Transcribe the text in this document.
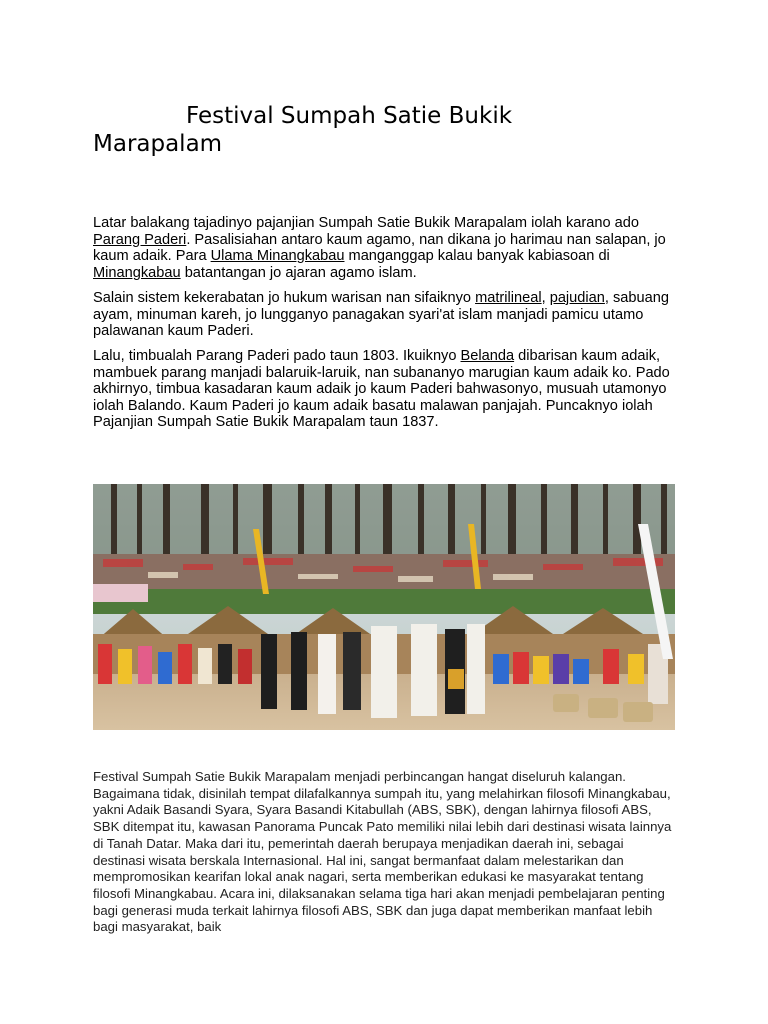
Festival Sumpah Satie Bukik
Marapalam

Latar balakang tajadinyo pajanjian Sumpah Satie Bukik Marapalam iolah karano ado Parang Paderi. Pasalisiahan antaro kaum agamo, nan dikana jo harimau nan salapan, jo kaum adaik. Para Ulama Minangkabau manganggap kalau banyak kabiasoan di Minangkabau batantangan jo ajaran agamo islam.

Salain sistem kekerabatan jo hukum warisan nan sifaiknyo matrilineal, pajudian, sabuang ayam, minuman kareh, jo lungganyo panagakan syari'at islam manjadi pamicu utamo palawanan kaum Paderi.

Lalu, timbualah Parang Paderi pado taun 1803. Ikuiknyo Belanda dibarisan kaum adaik, mambuek parang manjadi balaruik-laruik, nan subananyo marugian kaum adaik ko. Pado akhirnyo, timbua kasadaran kaum adaik jo kaum Paderi bahwasonyo, musuah utamonyo iolah Balando. Kaum Paderi jo kaum adaik basatu malawan panjajah. Puncaknyo iolah Pajanjian Sumpah Satie Bukik Marapalam taun 1837.

Festival Sumpah Satie Bukik Marapalam menjadi perbincangan hangat diseluruh kalangan. Bagaimana tidak, disinilah tempat dilafalkannya sumpah itu, yang melahirkan filosofi Minangkabau, yakni Adaik Basandi Syara, Syara Basandi Kitabullah (ABS, SBK), dengan lahirnya filosofi ABS, SBK ditempat itu, kawasan Panorama Puncak Pato memiliki nilai lebih dari destinasi wisata lainnya di Tanah Datar. Maka dari itu, pemerintah daerah berupaya menjadikan daerah ini, sebagai destinasi wisata berskala Internasional. Hal ini, sangat bermanfaat dalam melestarikan dan mempromosikan kearifan lokal anak nagari, serta memberikan edukasi ke masyarakat tentang filosofi Minangkabau. Acara ini, dilaksanakan selama tiga hari akan menjadi pembelajaran penting bagi generasi muda terkait lahirnya filosofi ABS, SBK dan juga dapat memberikan manfaat lebih bagi masyarakat, baik
